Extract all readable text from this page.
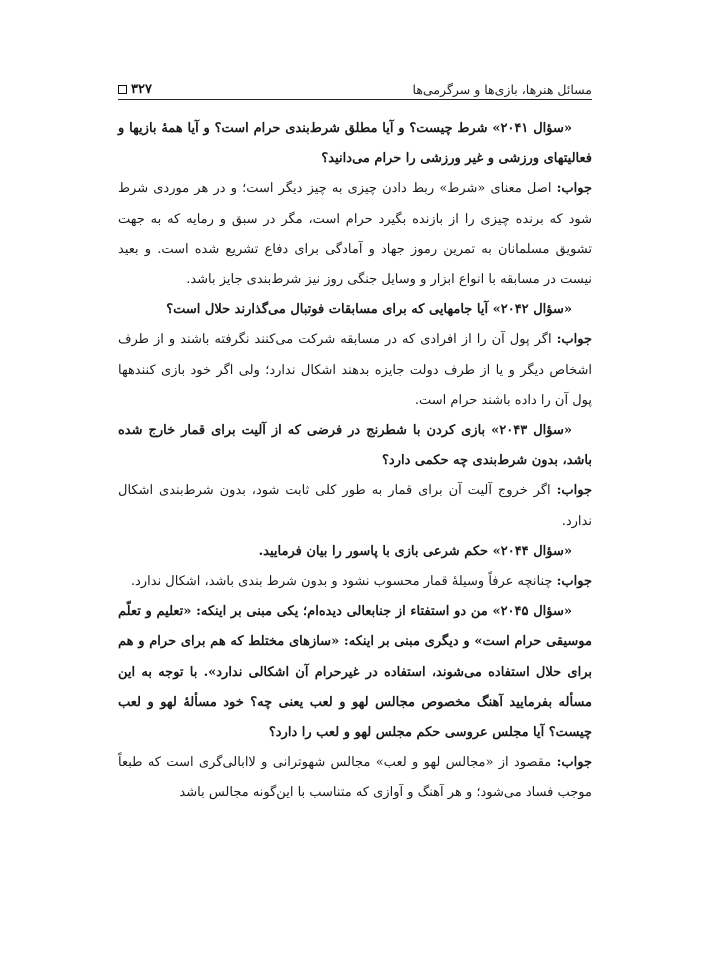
مسائل هنرها، بازی‌ها و سرگرمی‌ها
۳۲۷

«سؤال ۲۰۴۱» شرط چیست؟ و آیا مطلق شرط‌بندی حرام است؟ و آیا همهٔ بازیها و فعالیتهای ورزشی و غیر ورزشی را حرام می‌دانید؟

جواب: اصل معنای «شرط» ربط دادن چیزی به چیز دیگر است؛ و در هر موردی شرط شود که برنده چیزی را از بازنده بگیرد حرام است، مگر در سبق و رمایه که به جهت تشویق مسلمانان به تمرین رموز جهاد و آمادگی برای دفاع تشریع شده است. و بعید نیست در مسابقه با انواع ابزار و وسایل جنگی روز نیز شرط‌بندی جایز باشد.

«سؤال ۲۰۴۲» آیا جامهایی که برای مسابقات فوتبال می‌گذارند حلال است؟

جواب: اگر پول آن را از افرادی که در مسابقه شرکت می‌کنند نگرفته باشند و از طرف اشخاص دیگر و یا از طرف دولت جایزه بدهند اشکال ندارد؛ ولی اگر خود بازی کنندهها پول آن را داده باشند حرام است.

«سؤال ۲۰۴۳» بازی کردن با شطرنج در فرضی که از آلیت برای قمار خارج شده باشد، بدون شرط‌بندی چه حکمی دارد؟

جواب: اگر خروج آلیت آن برای قمار به طور کلی ثابت شود، بدون شرط‌بندی اشکال ندارد.

«سؤال ۲۰۴۴» حکم شرعی بازی با پاسور را بیان فرمایید.

جواب: چنانچه عرفاً وسیلهٔ قمار محسوب نشود و بدون شرط بندی باشد، اشکال ندارد.

«سؤال ۲۰۴۵» من دو استفتاء از جنابعالی دیده‌ام؛ یکی مبنی بر اینکه: «تعلیم و تعلّم موسیقی حرام است» و دیگری مبنی بر اینکه: «سازهای مختلط که هم برای حرام و هم برای حلال استفاده می‌شوند، استفاده در غیرحرام آن اشکالی ندارد». با توجه به این مسأله بفرمایید آهنگ مخصوص مجالس لهو و لعب یعنی چه؟ خود مسألهٔ لهو و لعب چیست؟ آیا مجلس عروسی حکم مجلس لهو و لعب را دارد؟

جواب: مقصود از «مجالس لهو و لعب» مجالس شهوترانی و لاابالی‌گری است که طبعاً موجب فساد می‌شود؛ و هر آهنگ و آوازی که متناسب با این‌گونه مجالس باشد
